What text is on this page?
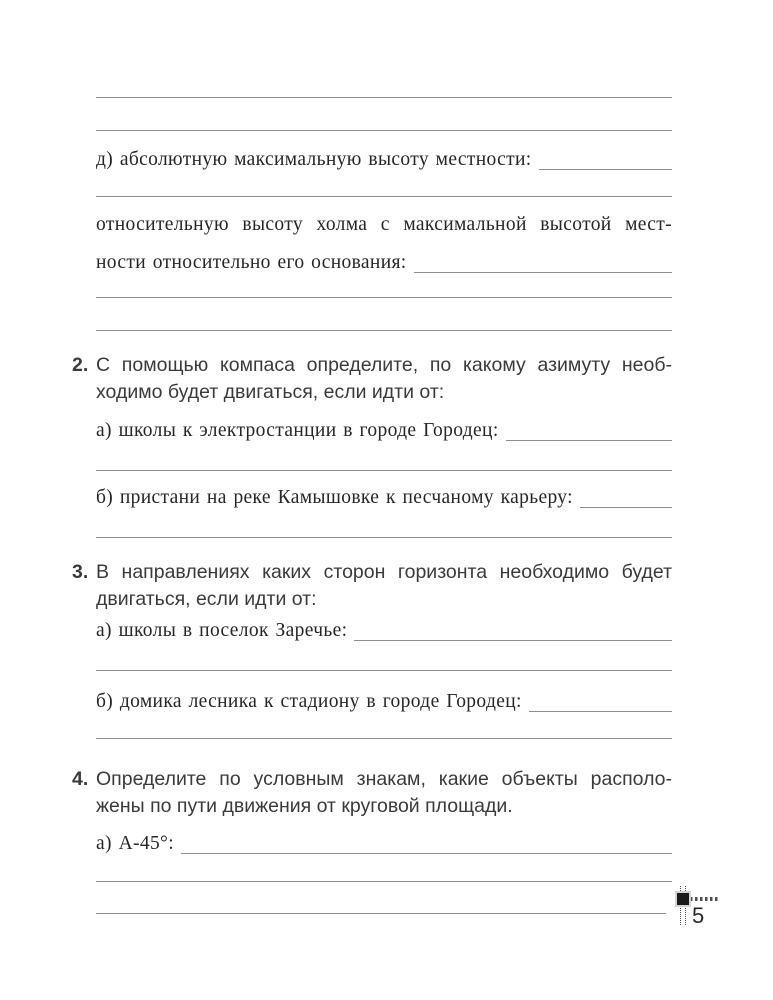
д) абсолютную максимальную высоту местности:
относительную высоту холма с максимальной высотой мест-
ности относительно его основания:
2. С помощью компаса определите, по какому азимуту необ-
ходимо будет двигаться, если идти от:
а) школы к электростанции в городе Городец:
б) пристани на реке Камышовке к песчаному карьеру:
3. В направлениях каких сторон горизонта необходимо будет
двигаться, если идти от:
а) школы в поселок Заречье:
б) домика лесника к стадиону в городе Городец:
4. Определите по условным знакам, какие объекты располо-
жены по пути движения от круговой площади.
а) А-45°:
5
